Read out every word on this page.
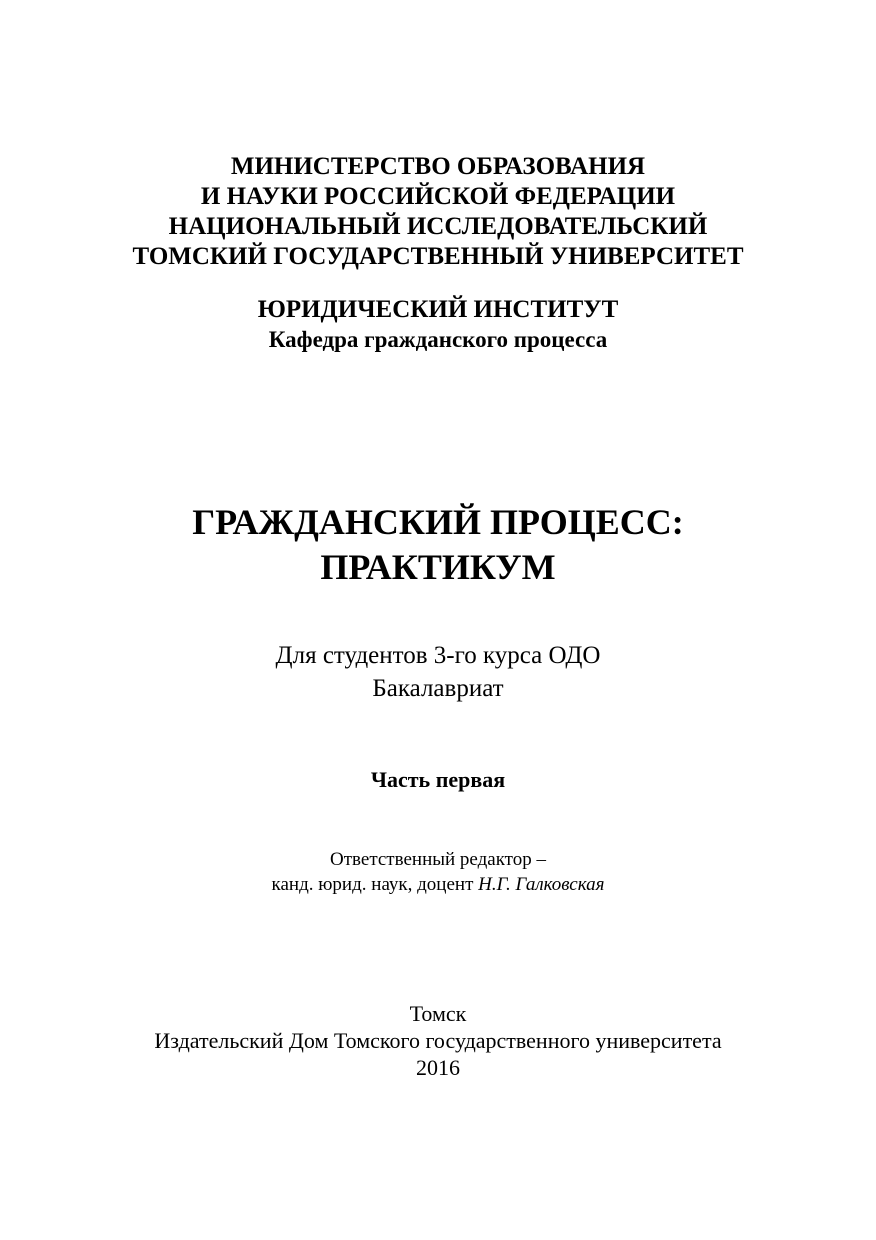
МИНИСТЕРСТВО ОБРАЗОВАНИЯ
И НАУКИ РОССИЙСКОЙ ФЕДЕРАЦИИ
НАЦИОНАЛЬНЫЙ ИССЛЕДОВАТЕЛЬСКИЙ
ТОМСКИЙ ГОСУДАРСТВЕННЫЙ УНИВЕРСИТЕТ
ЮРИДИЧЕСКИЙ ИНСТИТУТ
Кафедра гражданского процесса
ГРАЖДАНСКИЙ ПРОЦЕСС:
ПРАКТИКУМ
Для студентов 3-го курса ОДО
Бакалавриат
Часть первая
Ответственный редактор –
канд. юрид. наук, доцент Н.Г. Галковская
Томск
Издательский Дом Томского государственного университета
2016
